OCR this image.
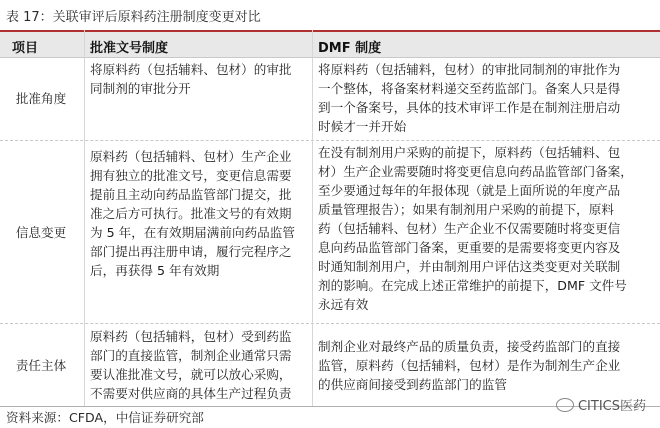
表 17：关联审评后原料药注册制度变更对比
项目	批准文号制度	DMF 制度
批准角度
将原料药（包括辅料、包材）的审批
同制剂的审批分开
将原料药（包括辅料，包材）的审批同制剂的审批作为
一个整体，将备案材料递交至药监部门。备案人只是得
到一个备案号，具体的技术审评工作是在制剂注册启动
时候才一并开始
信息变更
原料药（包括辅料、包材）生产企业
拥有独立的批准文号，变更信息需要
提前且主动向药品监管部门提交，批
准之后方可执行。批准文号的有效期
为 5 年，在有效期届满前向药品监管
部门提出再注册申请，履行完程序之
后，再获得 5 年有效期
在没有制剂用户采购的前提下，原料药（包括辅料、包
材）生产企业需要随时将变更信息向药品监管部门备案，
至少要通过每年的年报体现（就是上面所说的年度产品
质量管理报告）；如果有制剂用户采购的前提下，原料
药（包括辅料、包材）生产企业不仅需要随时将变更信
息向药品监管部门备案，更重要的是需要将变更内容及
时通知制剂用户，并由制剂用户评估这类变更对关联制
剂的影响。在完成上述正常维护的前提下，DMF 文件号
永远有效
责任主体
原料药（包括辅料，包材）受到药监
部门的直接监管，制剂企业通常只需
要认准批准文号，就可以放心采购，
不需要对供应商的具体生产过程负责
制剂企业对最终产品的质量负责，接受药监部门的直接
监管，原料药（包括辅料，包材）是作为制剂生产企业
的供应商间接受到药监部门的监管
CITICS医药
资料来源：CFDA，中信证券研究部
